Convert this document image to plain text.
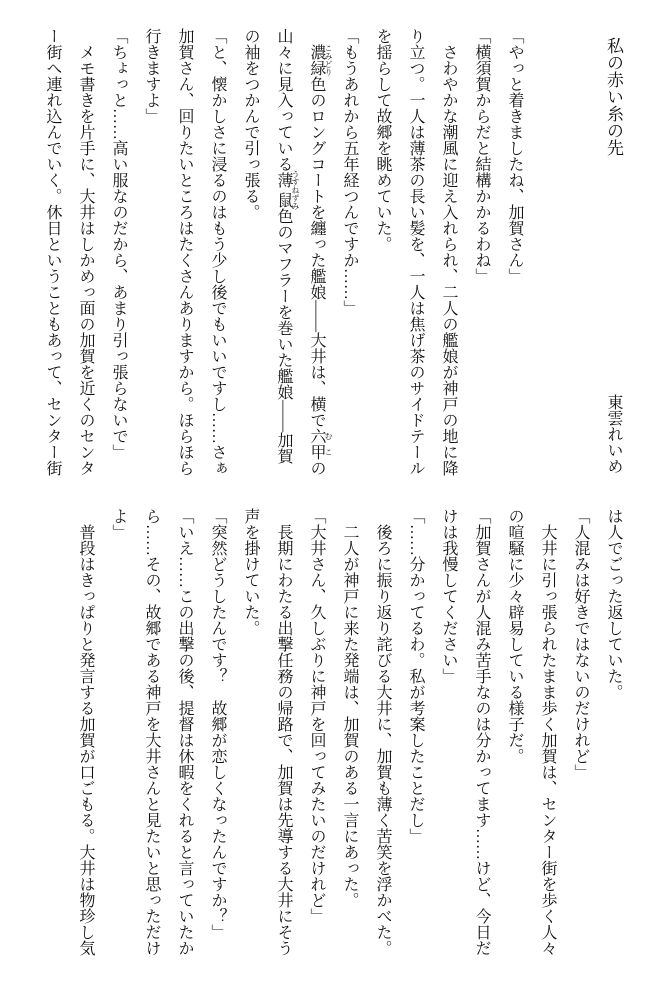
私の赤い糸の先
東雲れいめ
「やっと着きましたね、加賀さん」
「横須賀からだと結構かかるわね」
さわやかな潮風に迎え入れられ、二人の艦娘が神戸の地に降
り立つ。一人は薄茶の長い髪を、一人は焦げ茶のサイドテール
を揺らして故郷を眺めていた。
「もうあれから五年経つんですか……」
濃緑 こみどり色のロングコートを纏った艦娘――大井は、横で六甲 むこの
山々に見入っている薄鼠 うすねずみ色のマフラーを巻いた艦娘――加賀
の袖をつかんで引っ張る。
「と、懐かしさに浸るのはもう少し後でもいいですし……さぁ
加賀さん、回りたいところはたくさんありますから。ほらほら
行きますよ」
「ちょっと……高い服なのだから、あまり引っ張らないで」
メモ書きを片手に、大井はしかめっ面の加賀を近くのセンタ
ー街へ連れ込んでいく。休日ということもあって、センター街
は人でごった返していた。
「人混みは好きではないのだけれど」
大井に引っ張られたまま歩く加賀は、センター街を歩く人々
の喧騒に少々辟易している様子だ。
「加賀さんが人混み苦手なのは分かってます……けど、今日だ
けは我慢してください」
「……分かってるわ。私が考案したことだし」
後ろに振り返り詫びる大井に、加賀も薄く苦笑を浮かべた。
二人が神戸に来た発端は、加賀のある一言にあった。
「大井さん、久しぶりに神戸を回ってみたいのだけれど」
長期にわたる出撃任務の帰路で、加賀は先導する大井にそう
声を掛けていた。
「突然どうしたんです？　故郷が恋しくなったんですか？」
「いえ……この出撃の後、提督は休暇をくれると言っていたか
ら……その、故郷である神戸を大井さんと見たいと思っただけ
よ」
普段はきっぱりと発言する加賀が口ごもる。大井は物珍し気
